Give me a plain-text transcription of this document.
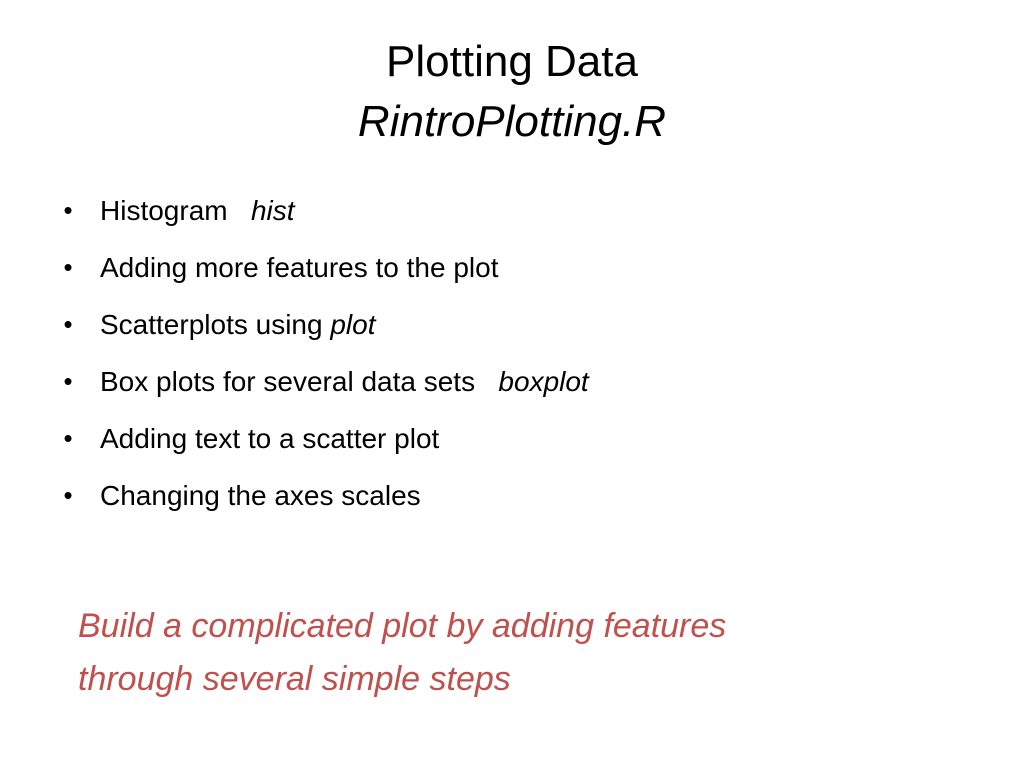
Plotting Data
RintroPlotting.R
• Histogram hist
• Adding more features to the plot
• Scatterplots using plot
• Box plots for several data sets boxplot
• Adding text to a scatter plot
• Changing the axes scales
Build a complicated plot by adding features
through several simple steps
